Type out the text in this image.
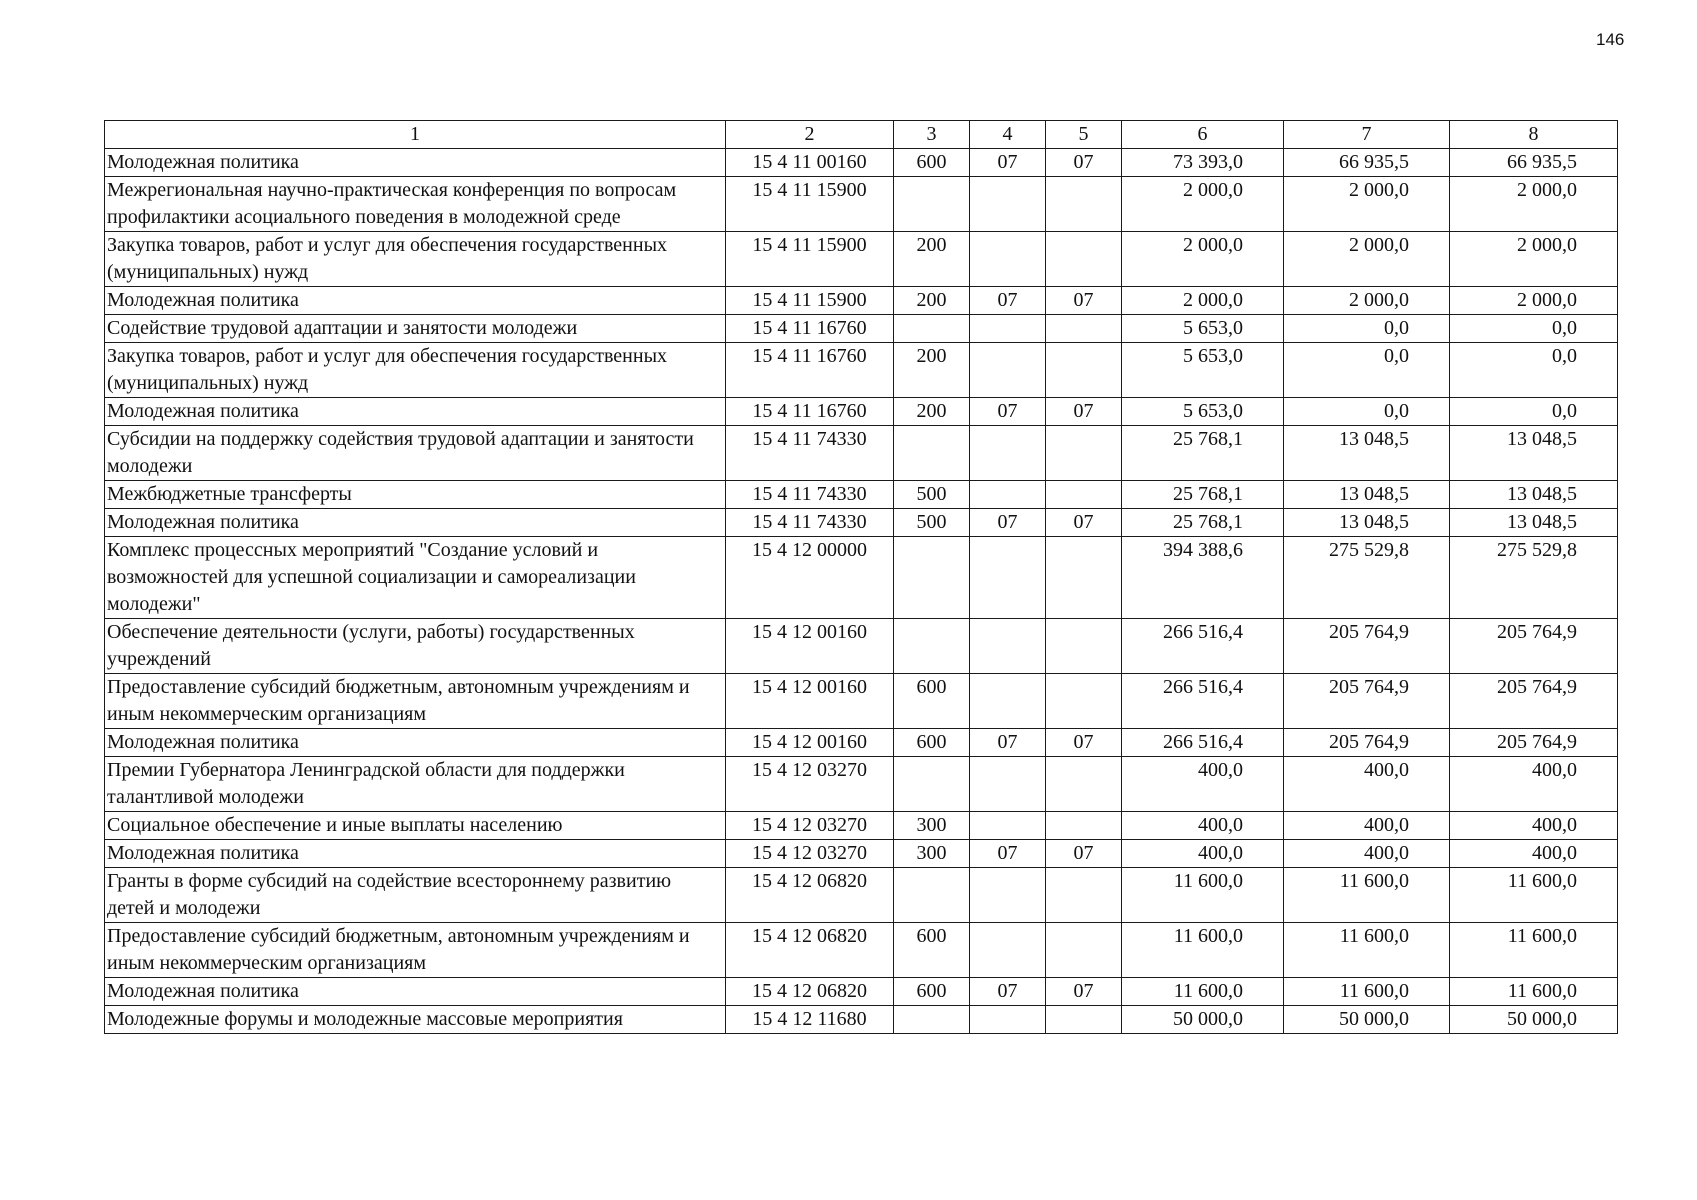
146
1	2	3	4	5	6	7	8
Молодежная политика	15 4 11 00160	600	07	07	73 393,0	66 935,5	66 935,5
Межрегиональная научно-практическая конференция по вопросам профилактики асоциального поведения в молодежной среде	15 4 11 15900				2 000,0	2 000,0	2 000,0
Закупка товаров, работ и услуг для обеспечения государственных (муниципальных) нужд	15 4 11 15900	200			2 000,0	2 000,0	2 000,0
Молодежная политика	15 4 11 15900	200	07	07	2 000,0	2 000,0	2 000,0
Содействие трудовой адаптации и занятости молодежи	15 4 11 16760				5 653,0	0,0	0,0
Закупка товаров, работ и услуг для обеспечения государственных (муниципальных) нужд	15 4 11 16760	200			5 653,0	0,0	0,0
Молодежная политика	15 4 11 16760	200	07	07	5 653,0	0,0	0,0
Субсидии на поддержку содействия трудовой адаптации и занятости молодежи	15 4 11 74330				25 768,1	13 048,5	13 048,5
Межбюджетные трансферты	15 4 11 74330	500			25 768,1	13 048,5	13 048,5
Молодежная политика	15 4 11 74330	500	07	07	25 768,1	13 048,5	13 048,5
Комплекс процессных мероприятий "Создание условий и возможностей для успешной социализации и самореализации молодежи"	15 4 12 00000				394 388,6	275 529,8	275 529,8
Обеспечение деятельности (услуги, работы) государственных учреждений	15 4 12 00160				266 516,4	205 764,9	205 764,9
Предоставление субсидий бюджетным, автономным учреждениям и иным некоммерческим организациям	15 4 12 00160	600			266 516,4	205 764,9	205 764,9
Молодежная политика	15 4 12 00160	600	07	07	266 516,4	205 764,9	205 764,9
Премии Губернатора Ленинградской области для поддержки талантливой молодежи	15 4 12 03270				400,0	400,0	400,0
Социальное обеспечение и иные выплаты населению	15 4 12 03270	300			400,0	400,0	400,0
Молодежная политика	15 4 12 03270	300	07	07	400,0	400,0	400,0
Гранты в форме субсидий на содействие всестороннему развитию детей и молодежи	15 4 12 06820				11 600,0	11 600,0	11 600,0
Предоставление субсидий бюджетным, автономным учреждениям и иным некоммерческим организациям	15 4 12 06820	600			11 600,0	11 600,0	11 600,0
Молодежная политика	15 4 12 06820	600	07	07	11 600,0	11 600,0	11 600,0
Молодежные форумы и молодежные массовые мероприятия	15 4 12 11680				50 000,0	50 000,0	50 000,0
